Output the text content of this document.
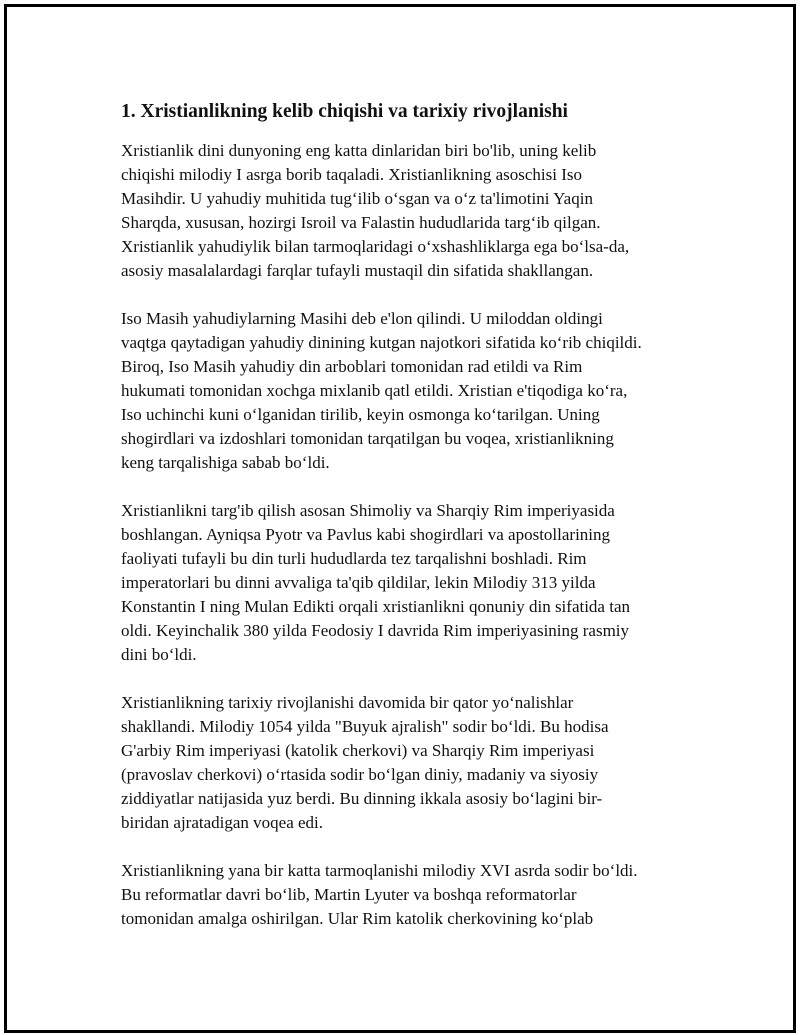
1. Xristianlikning kelib chiqishi va tarixiy rivojlanishi

Xristianlik dini dunyoning eng katta dinlaridan biri bo'lib, uning kelib
chiqishi milodiy I asrga borib taqaladi. Xristianlikning asoschisi Iso
Masihdir. U yahudiy muhitida tug‘ilib o‘sgan va o‘z ta'limotini Yaqin
Sharqda, xususan, hozirgi Isroil va Falastin hududlarida targ‘ib qilgan.
Xristianlik yahudiylik bilan tarmoqlaridagi o‘xshashliklarga ega bo‘lsa-da,
asosiy masalalardagi farqlar tufayli mustaqil din sifatida shakllangan.

Iso Masih yahudiylarning Masihi deb e'lon qilindi. U miloddan oldingi
vaqtga qaytadigan yahudiy dinining kutgan najotkori sifatida ko‘rib chiqildi.
Biroq, Iso Masih yahudiy din arboblari tomonidan rad etildi va Rim
hukumati tomonidan xochga mixlanib qatl etildi. Xristian e'tiqodiga ko‘ra,
Iso uchinchi kuni o‘lganidan tirilib, keyin osmonga ko‘tarilgan. Uning
shogirdlari va izdoshlari tomonidan tarqatilgan bu voqea, xristianlikning
keng tarqalishiga sabab bo‘ldi.

Xristianlikni targ'ib qilish asosan Shimoliy va Sharqiy Rim imperiyasida
boshlangan. Ayniqsa Pyotr va Pavlus kabi shogirdlari va apostollarining
faoliyati tufayli bu din turli hududlarda tez tarqalishni boshladi. Rim
imperatorlari bu dinni avvaliga ta'qib qildilar, lekin Milodiy 313 yilda
Konstantin I ning Mulan Edikti orqali xristianlikni qonuniy din sifatida tan
oldi. Keyinchalik 380 yilda Feodosiy I davrida Rim imperiyasining rasmiy
dini bo‘ldi.

Xristianlikning tarixiy rivojlanishi davomida bir qator yo‘nalishlar
shakllandi. Milodiy 1054 yilda "Buyuk ajralish" sodir bo‘ldi. Bu hodisa
G'arbiy Rim imperiyasi (katolik cherkovi) va Sharqiy Rim imperiyasi
(pravoslav cherkovi) o‘rtasida sodir bo‘lgan diniy, madaniy va siyosiy
ziddiyatlar natijasida yuz berdi. Bu dinning ikkala asosiy bo‘lagini bir-
biridan ajratadigan voqea edi.

Xristianlikning yana bir katta tarmoqlanishi milodiy XVI asrda sodir bo‘ldi.
Bu reformatlar davri bo‘lib, Martin Lyuter va boshqa reformatorlar
tomonidan amalga oshirilgan. Ular Rim katolik cherkovining ko‘plab
